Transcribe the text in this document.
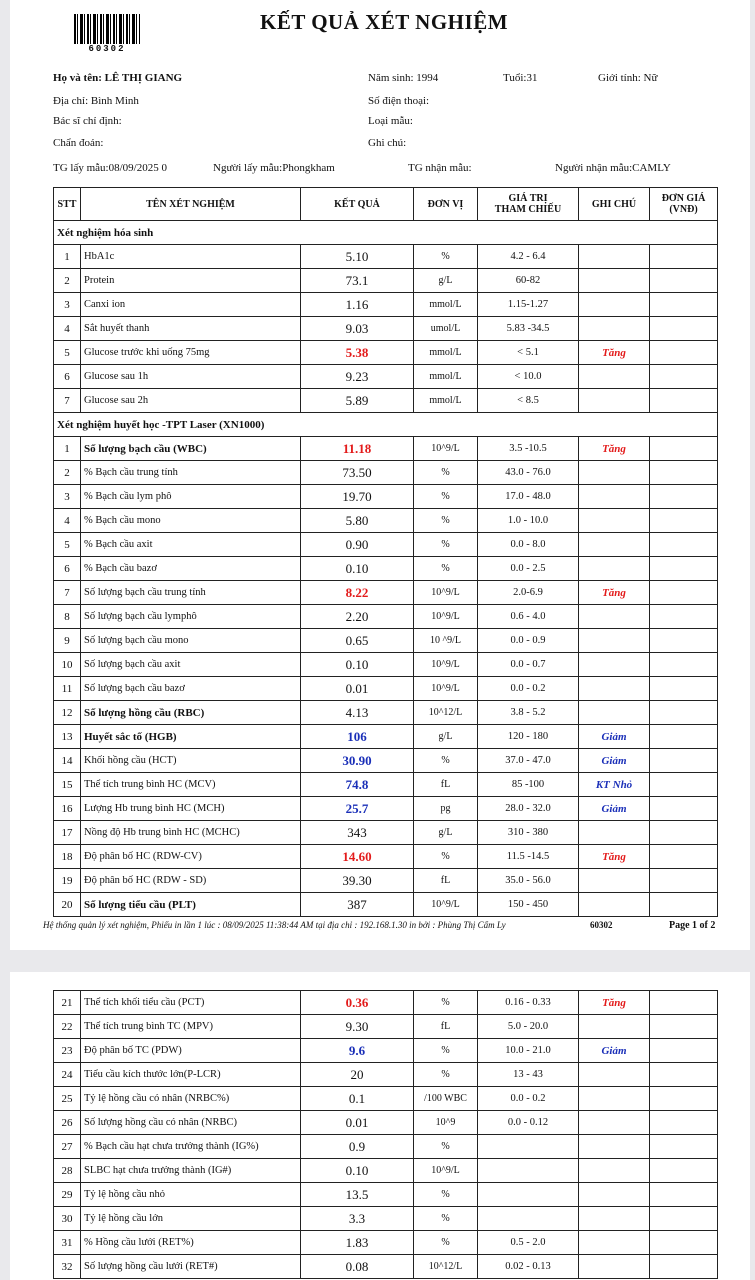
60302
KẾT QUẢ XÉT NGHIỆM
Họ và tên: LÊ THỊ GIANG
Địa chỉ: Bình Minh
Bác sĩ chỉ định:
Chẩn đoán:
Năm sinh: 1994	Tuổi:31	Giới tính: Nữ
Số điện thoại:
Loại mẫu:
Ghi chú:
TG lấy mẫu:08/09/2025 0	Người lấy mẫu:Phongkham	TG nhận mẫu:	Người nhận mẫu:CAMLY
STT	TÊN XÉT NGHIỆM	KẾT QUẢ	ĐƠN VỊ	GIÁ TRỊ
THAM CHIẾU	GHI CHÚ	ĐƠN GIÁ
(VNĐ)
Xét nghiệm hóa sinh						
1	HbA1c	5.10	%	4.2 - 6.4		
2	Protein	73.1	g/L	60-82		
3	Canxi ion	1.16	mmol/L	1.15-1.27		
4	Sắt huyết thanh	9.03	umol/L	5.83 -34.5		
5	Glucose trước khi uống 75mg	5.38	mmol/L	< 5.1	Tăng	
6	Glucose sau 1h	9.23	mmol/L	< 10.0		
7	Glucose sau 2h	5.89	mmol/L	< 8.5		
Xét nghiệm huyết học -TPT Laser (XN1000)						
1	Số lượng bạch cầu (WBC)	11.18	10^9/L	3.5 -10.5	Tăng	
2	% Bạch cầu trung tính	73.50	%	43.0 - 76.0		
3	% Bạch cầu lym phô	19.70	%	17.0 - 48.0		
4	% Bạch cầu mono	5.80	%	1.0 - 10.0		
5	% Bạch cầu axit	0.90	%	0.0 - 8.0		
6	% Bạch cầu bazơ	0.10	%	0.0 - 2.5		
7	Số lượng bạch cầu trung tính	8.22	10^9/L	2.0-6.9	Tăng	
8	Số lượng bạch cầu lymphô	2.20	10^9/L	0.6 - 4.0		
9	Số lượng bạch cầu mono	0.65	10 ^9/L	0.0 - 0.9		
10	Số lượng bạch cầu axit	0.10	10^9/L	0.0 - 0.7		
11	Số lượng bạch cầu bazơ	0.01	10^9/L	0.0 - 0.2		
12	Số lượng hồng cầu (RBC)	4.13	10^12/L	3.8 - 5.2		
13	Huyết sắc tố (HGB)	106	g/L	120 - 180	Giảm	
14	Khối hồng cầu (HCT)	30.90	%	37.0 - 47.0	Giảm	
15	Thể tích trung bình HC (MCV)	74.8	fL	85 -100	KT Nhỏ	
16	Lượng Hb trung bình HC (MCH)	25.7	pg	28.0 - 32.0	Giảm	
17	Nồng độ Hb trung bình HC (MCHC)	343	g/L	310 - 380		
18	Độ phân bố HC (RDW-CV)	14.60	%	11.5 -14.5	Tăng	
19	Độ phân bố HC (RDW - SD)	39.30	fL	35.0 - 56.0		
20	Số lượng tiểu cầu (PLT)	387	10^9/L	150 - 450		
Hệ thống quản lý xét nghiệm, Phiếu in lần 1 lúc : 08/09/2025 11:38:44 AM tại địa chỉ : 192.168.1.30 in bởi : Phùng Thị Cẩm Ly	60302	Page 1 of 2
21	Thể tích khối tiểu cầu (PCT)	0.36	%	0.16 - 0.33	Tăng	
22	Thể tích trung bình TC (MPV)	9.30	fL	5.0 - 20.0		
23	Độ phân bố TC (PDW)	9.6	%	10.0 - 21.0	Giảm	
24	Tiểu cầu kích thước lớn(P-LCR)	20	%	13 - 43		
25	Tỷ lệ hồng cầu có nhân (NRBC%)	0.1	/100 WBC	0.0 - 0.2		
26	Số lượng hồng cầu có nhân (NRBC)	0.01	10^9	0.0 - 0.12		
27	% Bạch cầu hạt chưa trưởng thành (IG%)	0.9	%			
28	SLBC hạt chưa trưởng thành (IG#)	0.10	10^9/L			
29	Tỷ lệ hồng cầu nhỏ	13.5	%			
30	Tỷ lệ hồng cầu lớn	3.3	%			
31	% Hồng cầu lưới (RET%)	1.83	%	0.5 - 2.0		
32	Số lượng hồng cầu lưới (RET#)	0.08	10^12/L	0.02 - 0.13		
